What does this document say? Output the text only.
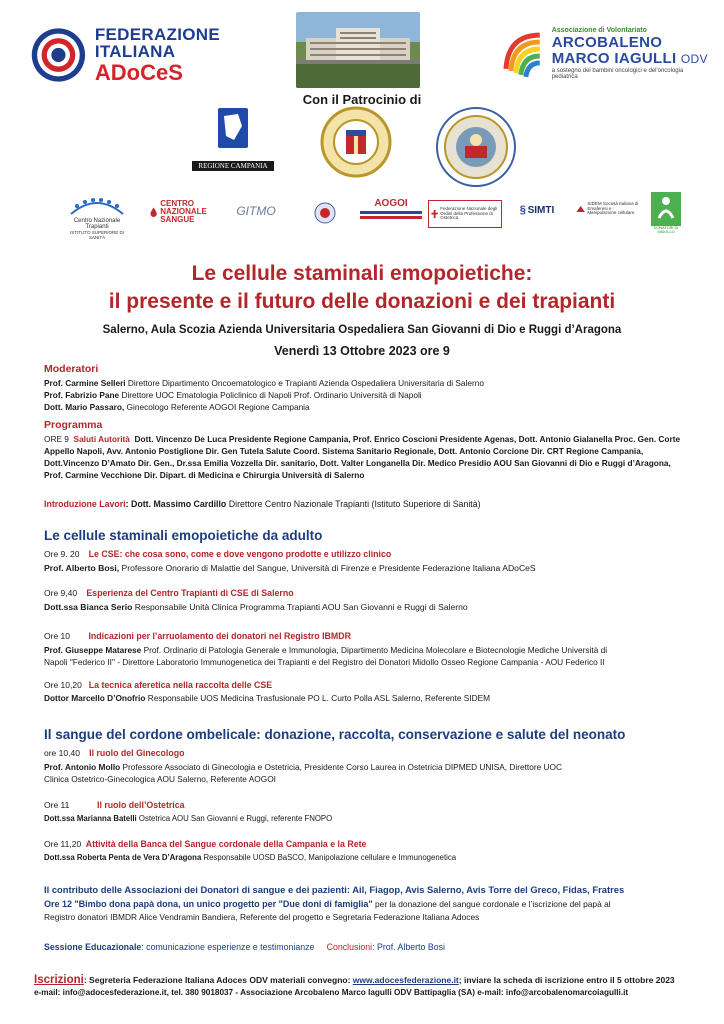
FEDERAZIONE
ITALIANA
ADoCeS
Associazione di Volontariato
ARCOBALENO
MARCO IAGULLI ODV
a sostegno dei bambini oncologici e del'oncologia pediatrica
Con il Patrocinio di
REGIONE CAMPANIA
Centro Nazionale Trapianti
ISTITUTO SUPERIORE DI SANITÀ
CENTRO NAZIONALE SANGUE
GITMO
AOGOI	Federazione Nazionale degli Ordini della Professione di Ostetrica
§ SIMTI
SIDEM Società Italiana di Emaferesi e Manipolazione cellulare
DONATORI DI MIDOLLO
Le cellule staminali emopoietiche:
il presente e il futuro delle donazioni e dei trapianti
Salerno, Aula Scozia Azienda Universitaria Ospedaliera San Giovanni di Dio e Ruggi d’Aragona
Venerdì 13 Ottobre 2023 ore 9
Moderatori
Prof. Carmine Selleri Direttore Dipartimento Oncoematologico e Trapianti Azienda Ospedaliera Universitaria di Salerno
Prof. Fabrizio Pane Direttore UOC Ematologia Policlinico di Napoli Prof. Ordinario Università di Napoli
Dott. Mario Passaro, Ginecologo Referente AOGOI Regione Campania
Programma
ORE 9 Saluti Autorità Dott. Vincenzo De Luca Presidente Regione Campania, Prof. Enrico Coscioni Presidente Agenas, Dott. Antonio Gialanella Proc. Gen. Corte
Appello Napoli, Avv. Antonio Postiglione Dir. Gen Tutela Salute Coord. Sistema Sanitario Regionale, Dott. Antonio Corcione Dir. CRT Regione Campania,
Dott.Vincenzo D’Amato Dir. Gen., Dr.ssa Emilia Vozzella Dir. sanitario, Dott. Valter Longanella Dir. Medico Presidio AOU San Giovanni di Dio e Ruggi d’Aragona,
Prof. Carmine Vecchione Dir. Dipart. di Medicina e Chirurgia Università di Salerno
Introduzione Lavori: Dott. Massimo Cardillo Direttore Centro Nazionale Trapianti (Istituto Superiore di Sanità)
Le cellule staminali emopoietiche da adulto
Ore 9. 20 Le CSE: che cosa sono, come e dove vengono prodotte e utilizzo clinico
Prof. Alberto Bosi, Professore Onorario di Malattie del Sangue, Università di Firenze e Presidente Federazione Italiana ADoCeS
Ore 9,40 Esperienza del Centro Trapianti di CSE di Salerno
Dott.ssa Bianca Serio Responsabile Unità Clinica Programma Trapianti AOU San Giovanni e Ruggi di Salerno
Ore 10 Indicazioni per l’arruolamento dei donatori nel Registro IBMDR
Prof. Giuseppe Matarese Prof. Ordinario di Patologia Generale e Immunologia, Dipartimento Medicina Molecolare e Biotecnologie Mediche Università di
Napoli "Federico II" - Direttore Laboratorio Immunogenetica dei Trapianti e del Registro dei Donatori Midollo Osseo Regione Campania - AOU Federico II
Ore 10,20 La tecnica aferetica nella raccolta delle CSE
Dottor Marcello D’Onofrio Responsabile UOS Medicina Trasfusionale PO L. Curto Polla ASL Salerno, Referente SIDEM
Il sangue del cordone ombelicale: donazione, raccolta, conservazione e salute del neonato
ore 10,40 Il ruolo del Ginecologo
Prof. Antonio Mollo Professore Associato di Ginecologia e Ostetricia, Presidente Corso Laurea in Ostetricia DIPMED UNISA, Direttore UOC
Clinica Ostetrico-Ginecologica AOU Salerno, Referente AOGOI
Ore 11	Il ruolo dell’Ostetrica
Dott.ssa Marianna Batelli Ostetrica AOU San Giovanni e Ruggi, referente FNOPO
Ore 11,20 Attività della Banca del Sangue cordonale della Campania e la Rete
Dott.ssa Roberta Penta de Vera D’Aragona Responsabile UOSD BaSCO, Manipolazione cellulare e Immunogenetica
Il contributo delle Associazioni dei Donatori di sangue e dei pazienti: Ail, Fiagop, Avis Salerno, Avis Torre del Greco, Fidas, Fratres
Ore 12 "Bimbo dona papà dona, un unico progetto per "Due doni di famiglia" per la donazione del sangue cordonale e l’iscrizione del papà al
Registro donatori IBMDR Alice Vendramin Bandiera, Referente del progetto e Segretaria Federazione Italiana Adoces
Sessione Educazionale: comunicazione esperienze e testimonianze Conclusioni: Prof. Alberto Bosi
Iscrizioni: Segreteria Federazione Italiana Adoces ODV materiali convegno: www.adocesfederazione.it; inviare la scheda di iscrizione entro il 5 ottobre 2023
e-mail: info@adocesfederazione.it, tel. 380 9018037 - Associazione Arcobaleno Marco Iagulli ODV Battipaglia (SA) e-mail: info@arcobalenomarcoiagulli.it
